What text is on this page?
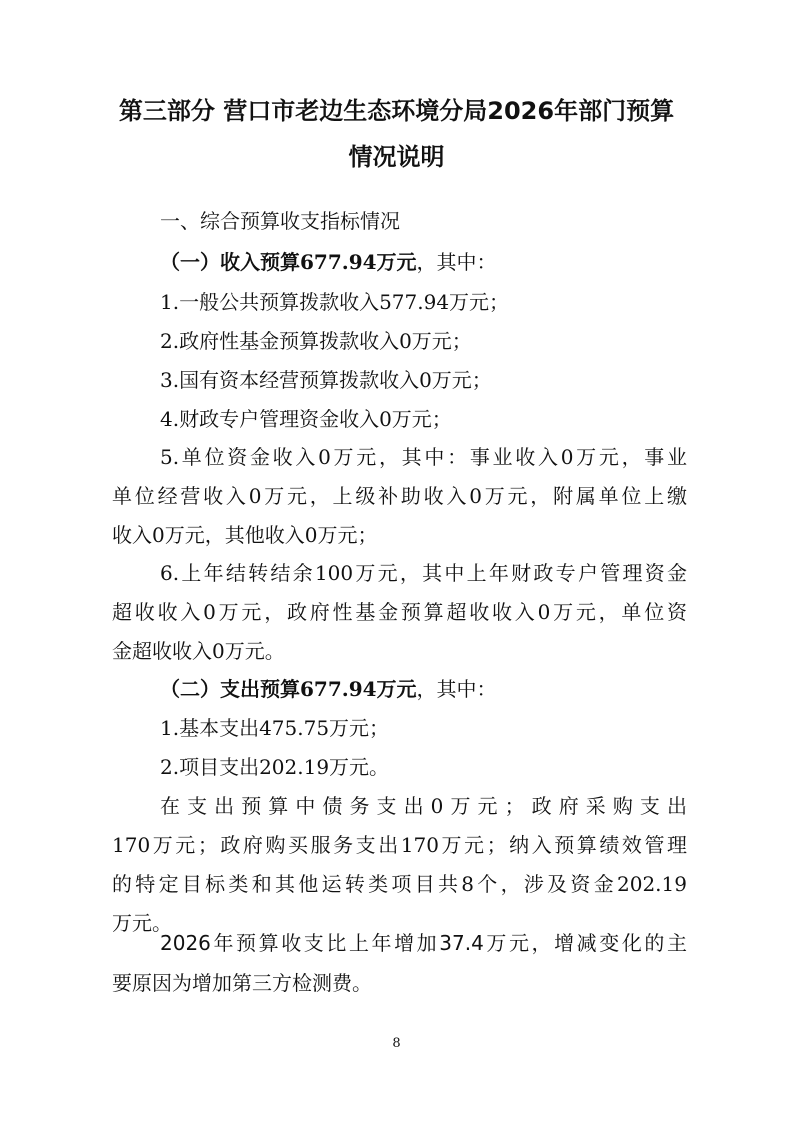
第三部分 营口市老边生态环境分局2026年部门预算
情况说明
一、综合预算收支指标情况
（一）收入预算677.94万元，其中：
1.一般公共预算拨款收入577.94万元；
2.政府性基金预算拨款收入0万元；
3.国有资本经营预算拨款收入0万元；
4.财政专户管理资金收入0万元；
5.单位资金收入0万元，其中：事业收入0万元，事业
单位经营收入0万元，上级补助收入0万元，附属单位上缴
收入0万元，其他收入0万元；
6.上年结转结余100万元，其中上年财政专户管理资金
超收收入0万元，政府性基金预算超收收入0万元，单位资
金超收收入0万元。
（二）支出预算677.94万元，其中：
1.基本支出475.75万元；
2.项目支出202.19万元。
在支出预算中债务支出0万元；政府采购支出
170万元；政府购买服务支出170万元；纳入预算绩效管理
的特定目标类和其他运转类项目共8个，涉及资金202.19
万元。
2026年预算收支比上年增加37.4万元，增减变化的主
要原因为增加第三方检测费。
8
